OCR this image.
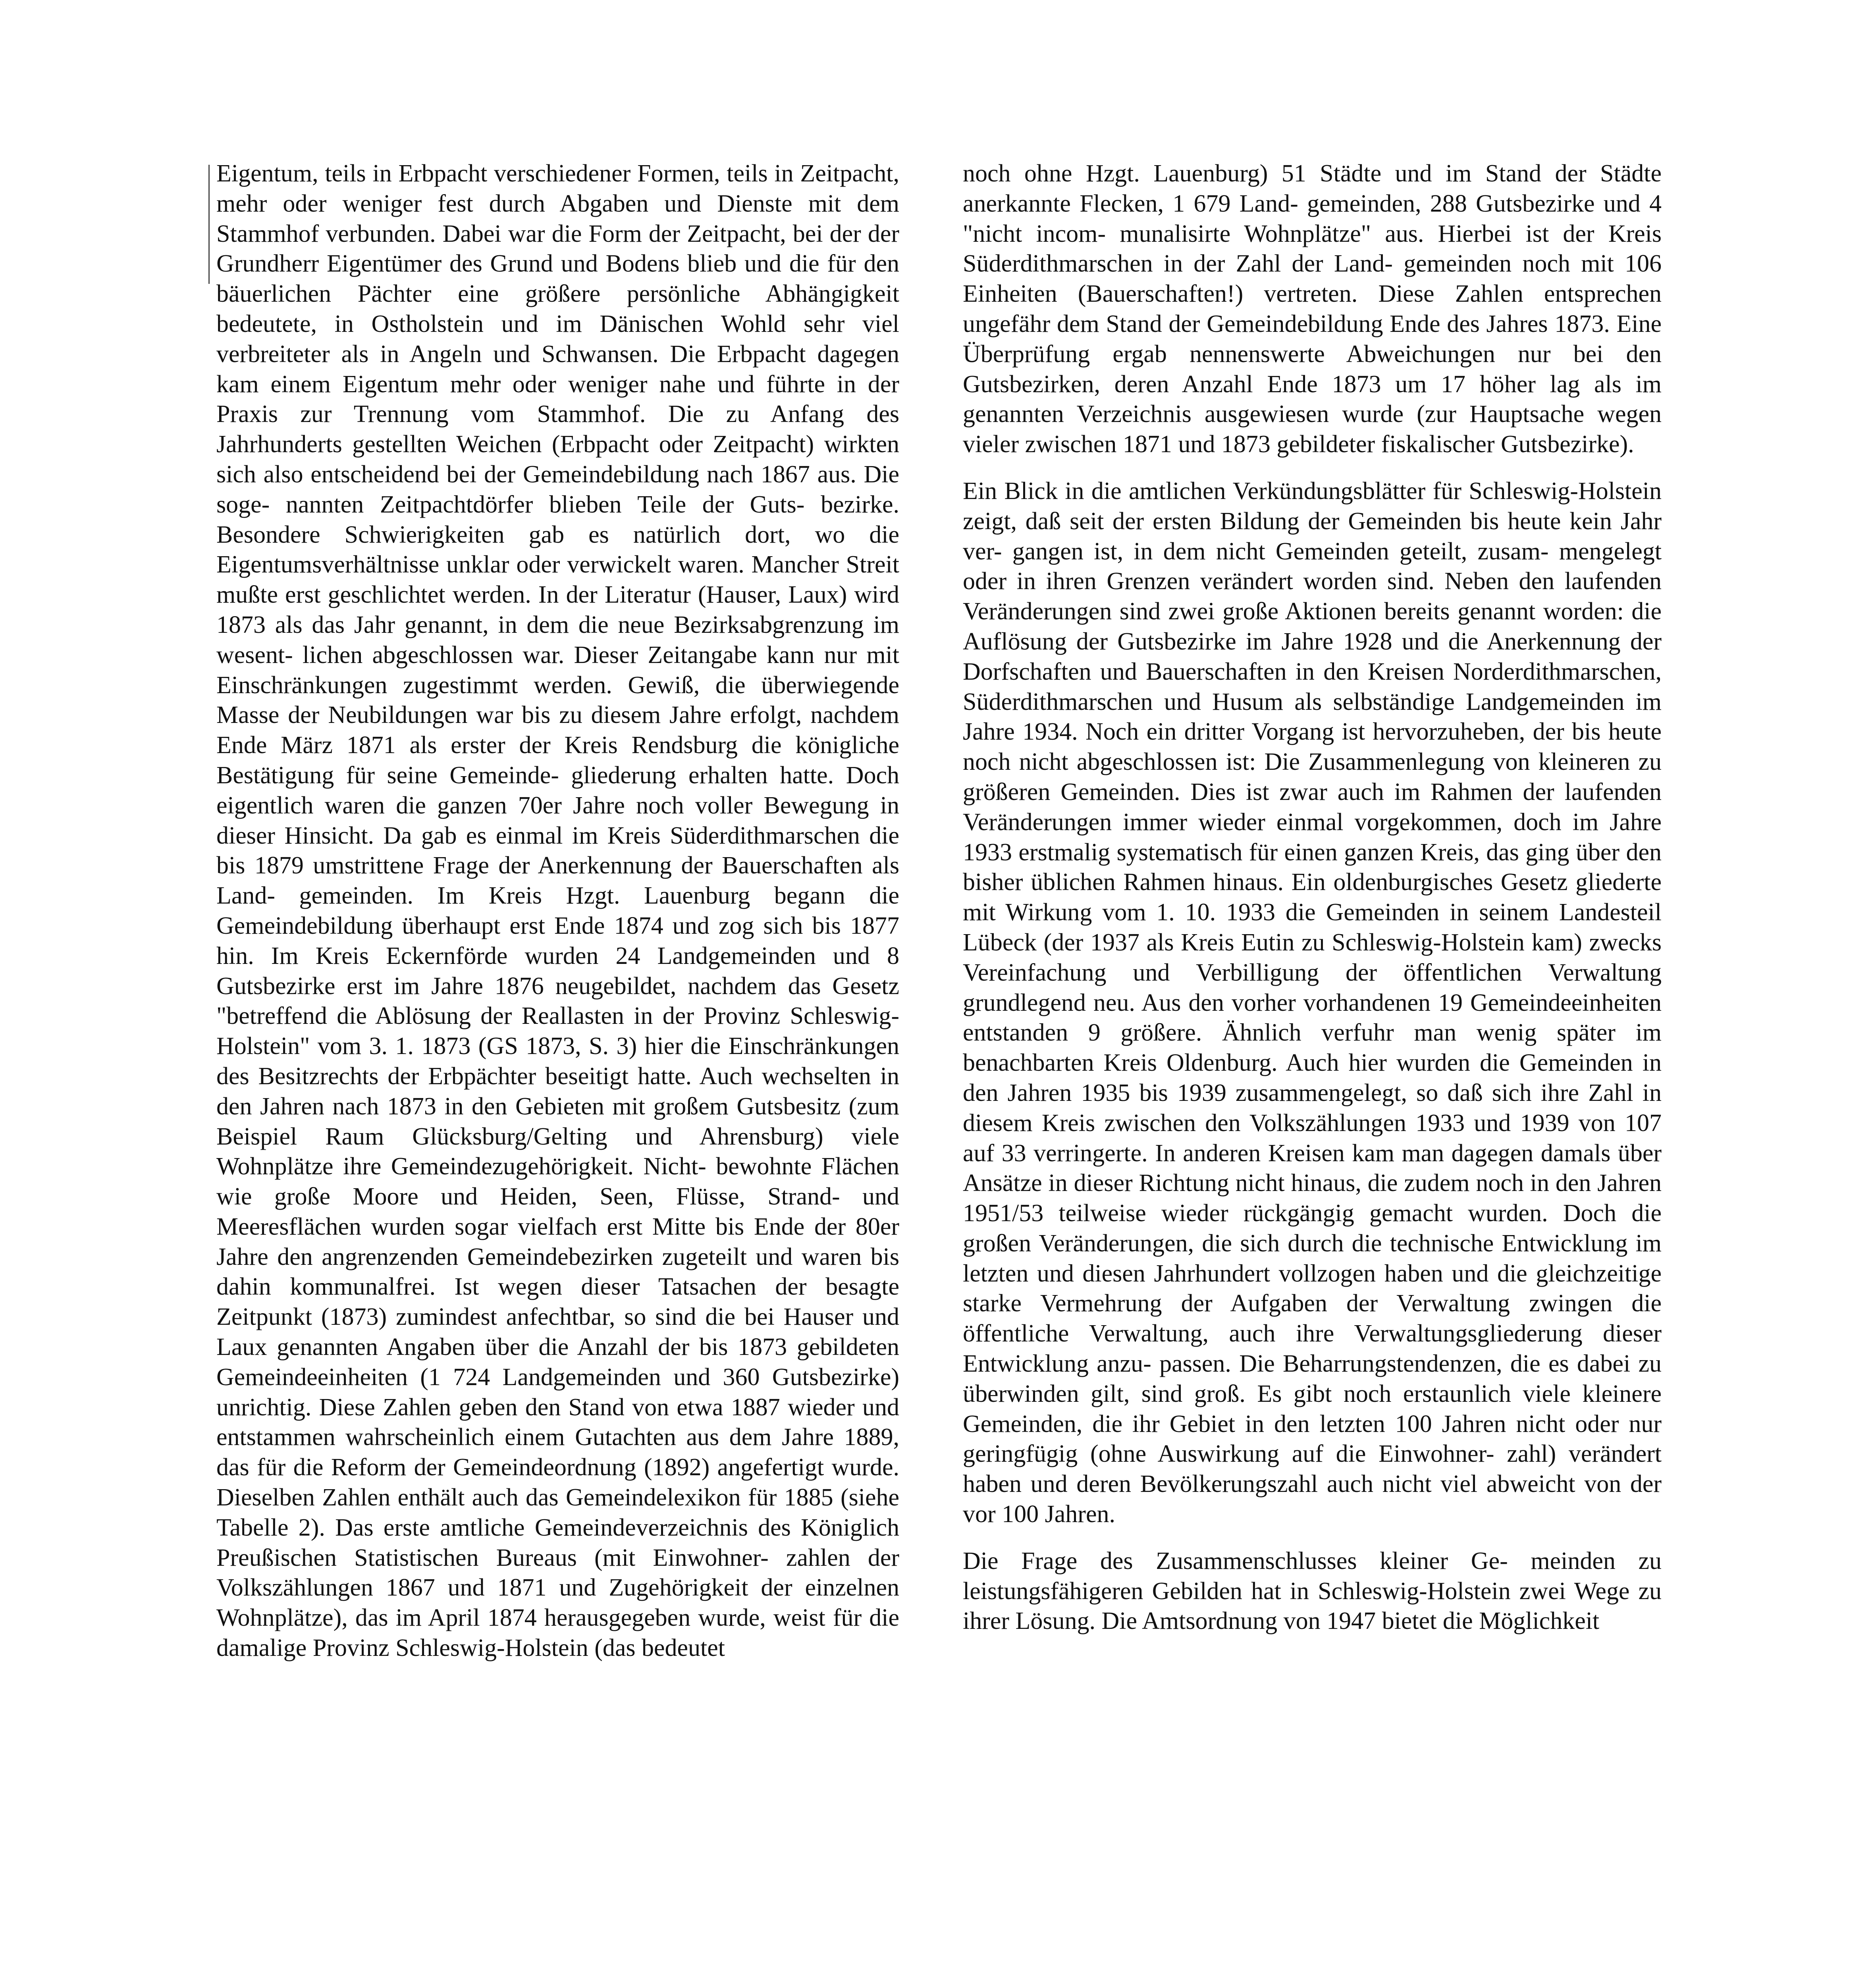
Eigentum, teils in Erbpacht verschiedener Formen, teils in Zeitpacht, mehr oder weniger fest durch Abgaben und Dienste mit dem Stammhof verbunden. Dabei war die Form der Zeitpacht, bei der der Grundherr Eigentümer des Grund und Bodens blieb und die für den bäuerlichen Pächter eine größere persönliche Abhängigkeit bedeutete, in Ostholstein und im Dänischen Wohld sehr viel verbreiteter als in Angeln und Schwansen. Die Erbpacht dagegen kam einem Eigentum mehr oder weniger nahe und führte in der Praxis zur Trennung vom Stammhof. Die zu Anfang des Jahrhunderts gestellten Weichen (Erbpacht oder Zeitpacht) wirkten sich also entscheidend bei der Gemeindebildung nach 1867 aus. Die soge- nannten Zeitpachtdörfer blieben Teile der Guts- bezirke. Besondere Schwierigkeiten gab es natürlich dort, wo die Eigentumsverhältnisse unklar oder verwickelt waren. Mancher Streit mußte erst geschlichtet werden. In der Literatur (Hauser, Laux) wird 1873 als das Jahr genannt, in dem die neue Bezirksabgrenzung im wesent- lichen abgeschlossen war. Dieser Zeitangabe kann nur mit Einschränkungen zugestimmt werden. Gewiß, die überwiegende Masse der Neubildungen war bis zu diesem Jahre erfolgt, nachdem Ende März 1871 als erster der Kreis Rendsburg die königliche Bestätigung für seine Gemeinde- gliederung erhalten hatte. Doch eigentlich waren die ganzen 70er Jahre noch voller Bewegung in dieser Hinsicht. Da gab es einmal im Kreis Süderdithmarschen die bis 1879 umstrittene Frage der Anerkennung der Bauerschaften als Land- gemeinden. Im Kreis Hzgt. Lauenburg begann die Gemeindebildung überhaupt erst Ende 1874 und zog sich bis 1877 hin. Im Kreis Eckernförde wurden 24 Landgemeinden und 8 Gutsbezirke erst im Jahre 1876 neugebildet, nachdem das Gesetz "betreffend die Ablösung der Reallasten in der Provinz Schleswig-Holstein" vom 3. 1. 1873 (GS 1873, S. 3) hier die Einschränkungen des Besitzrechts der Erbpächter beseitigt hatte. Auch wechselten in den Jahren nach 1873 in den Gebieten mit großem Gutsbesitz (zum Beispiel Raum Glücksburg/Gelting und Ahrensburg) viele Wohnplätze ihre Gemeindezugehörigkeit. Nicht- bewohnte Flächen wie große Moore und Heiden, Seen, Flüsse, Strand- und Meeresflächen wurden sogar vielfach erst Mitte bis Ende der 80er Jahre den angrenzenden Gemeindebezirken zugeteilt und waren bis dahin kommunalfrei. Ist wegen dieser Tatsachen der besagte Zeitpunkt (1873) zumindest anfechtbar, so sind die bei Hauser und Laux genannten Angaben über die Anzahl der bis 1873 gebildeten Gemeindeeinheiten (1 724 Landgemeinden und 360 Gutsbezirke) unrichtig. Diese Zahlen geben den Stand von etwa 1887 wieder und entstammen wahrscheinlich einem Gutachten aus dem Jahre 1889, das für die Reform der Gemeindeordnung (1892) angefertigt wurde. Dieselben Zahlen enthält auch das Gemeindelexikon für 1885 (siehe Tabelle 2). Das erste amtliche Gemeindeverzeichnis des Königlich Preußischen Statistischen Bureaus (mit Einwohner- zahlen der Volkszählungen 1867 und 1871 und Zugehörigkeit der einzelnen Wohnplätze), das im April 1874 herausgegeben wurde, weist für die damalige Provinz Schleswig-Holstein (das bedeutet

noch ohne Hzgt. Lauenburg) 51 Städte und im Stand der Städte anerkannte Flecken, 1 679 Land- gemeinden, 288 Gutsbezirke und 4 "nicht incom- munalisirte Wohnplätze" aus. Hierbei ist der Kreis Süderdithmarschen in der Zahl der Land- gemeinden noch mit 106 Einheiten (Bauerschaften!) vertreten. Diese Zahlen entsprechen ungefähr dem Stand der Gemeindebildung Ende des Jahres 1873. Eine Überprüfung ergab nennenswerte Abweichungen nur bei den Gutsbezirken, deren Anzahl Ende 1873 um 17 höher lag als im genannten Verzeichnis ausgewiesen wurde (zur Hauptsache wegen vieler zwischen 1871 und 1873 gebildeter fiskalischer Gutsbezirke).

Ein Blick in die amtlichen Verkündungsblätter für Schleswig-Holstein zeigt, daß seit der ersten Bildung der Gemeinden bis heute kein Jahr ver- gangen ist, in dem nicht Gemeinden geteilt, zusam- mengelegt oder in ihren Grenzen verändert worden sind. Neben den laufenden Veränderungen sind zwei große Aktionen bereits genannt worden: die Auflösung der Gutsbezirke im Jahre 1928 und die Anerkennung der Dorfschaften und Bauerschaften in den Kreisen Norderdithmarschen, Süderdithmarschen und Husum als selbständige Landgemeinden im Jahre 1934. Noch ein dritter Vorgang ist hervorzuheben, der bis heute noch nicht abgeschlossen ist: Die Zusammenlegung von kleineren zu größeren Gemeinden. Dies ist zwar auch im Rahmen der laufenden Veränderungen immer wieder einmal vorgekommen, doch im Jahre 1933 erstmalig systematisch für einen ganzen Kreis, das ging über den bisher üblichen Rahmen hinaus. Ein oldenburgisches Gesetz gliederte mit Wirkung vom 1. 10. 1933 die Gemeinden in seinem Landesteil Lübeck (der 1937 als Kreis Eutin zu Schleswig-Holstein kam) zwecks Vereinfachung und Verbilligung der öffentlichen Verwaltung grundlegend neu. Aus den vorher vorhandenen 19 Gemeindeeinheiten entstanden 9 größere. Ähnlich verfuhr man wenig später im benachbarten Kreis Oldenburg. Auch hier wurden die Gemeinden in den Jahren 1935 bis 1939 zusammengelegt, so daß sich ihre Zahl in diesem Kreis zwischen den Volkszählungen 1933 und 1939 von 107 auf 33 verringerte. In anderen Kreisen kam man dagegen damals über Ansätze in dieser Richtung nicht hinaus, die zudem noch in den Jahren 1951/53 teilweise wieder rückgängig gemacht wurden. Doch die großen Veränderungen, die sich durch die technische Entwicklung im letzten und diesen Jahrhundert vollzogen haben und die gleichzeitige starke Vermehrung der Aufgaben der Verwaltung zwingen die öffentliche Verwaltung, auch ihre Verwaltungsgliederung dieser Entwicklung anzu- passen. Die Beharrungstendenzen, die es dabei zu überwinden gilt, sind groß. Es gibt noch erstaunlich viele kleinere Gemeinden, die ihr Gebiet in den letzten 100 Jahren nicht oder nur geringfügig (ohne Auswirkung auf die Einwohner- zahl) verändert haben und deren Bevölkerungszahl auch nicht viel abweicht von der vor 100 Jahren.

Die Frage des Zusammenschlusses kleiner Ge- meinden zu leistungsfähigeren Gebilden hat in Schleswig-Holstein zwei Wege zu ihrer Lösung. Die Amtsordnung von 1947 bietet die Möglichkeit
